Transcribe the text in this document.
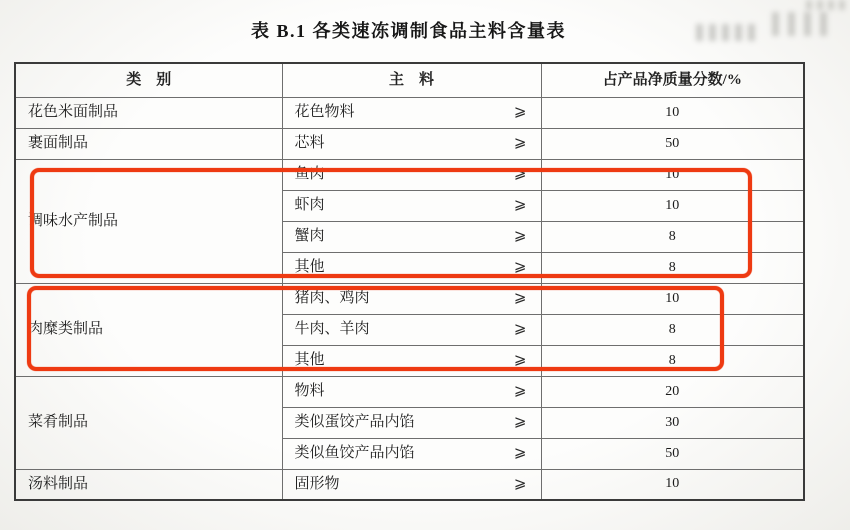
表 B.1 各类速冻调制食品主料含量表
类　别	主　料	占产品净质量分数/%
花色米面制品	花色物料 ⩾	10
裹面制品	芯料 ⩾	50
调味水产制品	鱼肉 ⩾	10

	虾肉 ⩾	10

	蟹肉 ⩾	8

	其他 ⩾	8
肉糜类制品	猪肉、鸡肉 ⩾	10

	牛肉、羊肉 ⩾	8

	其他 ⩾	8
菜肴制品	物料 ⩾	20

	类似蛋饺产品内馅 ⩾	30

	类似鱼饺产品内馅 ⩾	50
汤料制品	固形物 ⩾	10
